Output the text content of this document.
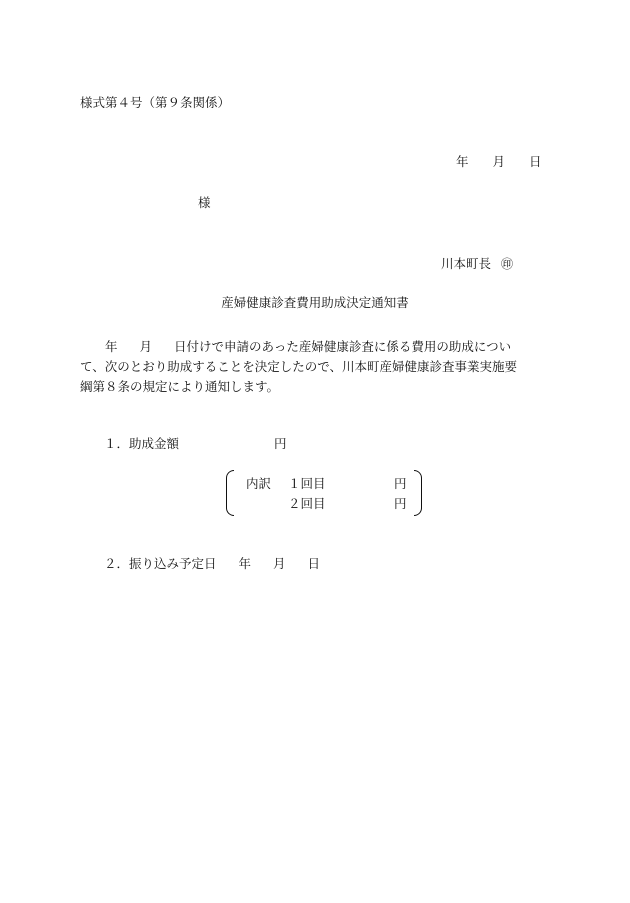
様式第４号（第９条関係）
年 月 日
様
川本町長 ㊞
産婦健康診査費用助成決定通知書
年 月 日付けで申請のあった産婦健康診査に係る費用の助成につい
て、次のとおり助成することを決定したので、川本町産婦健康診査事業実施要
綱第８条の規定により通知します。
１．助成金額	円
内訳 １回目	円
２回目	円
２．振り込み予定日 年 月 日
